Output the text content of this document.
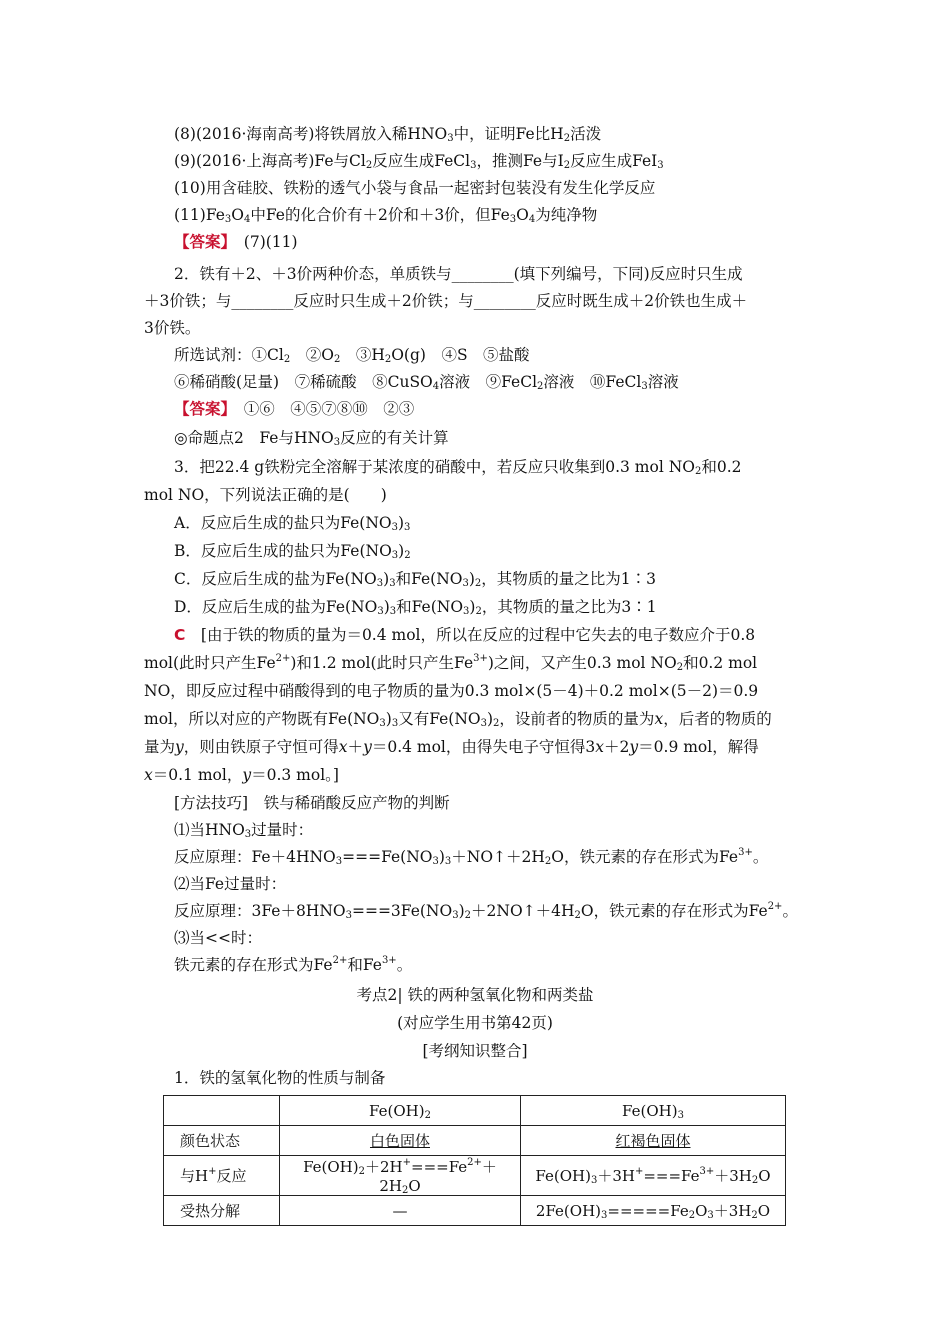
(8)(2016·海南高考)将铁屑放入稀$HNO_3$中，证明Fe比$H_2$活泼
(9)(2016·上海高考)Fe与$Cl_2$反应生成FeCl$_3$，推测Fe与$I_2$反应生成FeI$_3$
(10)用含硅胶、铁粉的透气小袋与食品一起密封包装没有发生化学反应
$(11)Fe_3O_4$中Fe的化合价有＋2价和＋3价，但$Fe_3O_4$为纯净物
【答案】　 (7)(11)
2．铁有＋2、＋3价两种价态，单质铁与________(填下列编号，下同)反应时只生成
＋3价铁；与________反应时只生成＋2价铁；与________反应时既生成＋2价铁也生成＋
3价铁。
所选试剂：$①Cl_2$　$②O_2$　$③H_2O(g)$　④S　⑤盐酸
⑥稀硝酸(足量)　⑦稀硫酸　⑧CuSO$_4$溶液　⑨FeCl$_2$溶液　⑩FeCl$_3$溶液
【答案】　 ①⑥　④⑤⑦⑧⑩　②③
◎命题点2　Fe与$HNO_3$反应的有关计算
3．把22.4 g铁粉完全溶解于某浓度的硝酸中，若反应只收集到0.3 mol $NO_2$和0.2
mol NO，下列说法正确的是(　　)
A．反应后生成的盐只为$Fe(NO_3)_3$
B．反应后生成的盐只为$Fe(NO_3)_2$
C．反应后生成的盐为$Fe(NO_3)_3$和$Fe(NO_3)_2$，其物质的量之比为1∶3
D．反应后生成的盐为$Fe(NO_3)_3$和$Fe(NO_3)_2$，其物质的量之比为3∶1
C　[由于铁的物质的量为＝0.4 mol，所以在反应的过程中它失去的电子数应介于0.8
mol(此时只产生$Fe^{2+}$)和1.2 mol(此时只产生$Fe^{3+}$)之间，又产生0.3 mol $NO_2$和0.2 mol
NO，即反应过程中硝酸得到的电子物质的量为0.3 mol×(5－4)＋0.2 mol×(5－2)＝0.9
mol，所以对应的产物既有$Fe(NO_3)_3$又有$Fe(NO_3)_2$，设前者的物质的量为x，后者的物质的
量为y，则由铁原子守恒可得x＋y＝0.4 mol，由得失电子守恒得3x＋2y＝0.9 mol，解得
x＝0.1 mol，y＝0.3 mol。]
[方法技巧]　铁与稀硝酸反应产物的判断
⑴当$HNO_3$过量时：
反应原理：$Fe+4HNO_3===Fe(NO_3)_3+NO↑+2H_2O$，铁元素的存在形式为$Fe^{3+}$。
⑵当Fe过量时：
反应原理：$3Fe+8HNO_3===3Fe(NO_3)_2+2NO↑+4H_2O$，铁元素的存在形式为$Fe^{2+}$。
⑶当<<时：
铁元素的存在形式为$Fe^{2+}$和$Fe^{3+}$。
考点2| 铁的两种氢氧化物和两类盐
(对应学生用书第42页)
[考纲知识整合]
1．铁的氢氧化物的性质与制备
	$Fe(OH)_2$	$Fe(OH)_3$
颜色状态	白色固体	红褐色固体
与H+反应	$Fe(OH)_2+2H^+===Fe^{2+}+2H_2O$	$Fe(OH)_3+3H^+===Fe^{3+}+3H_2O$
受热分解	—	$2Fe(OH)_3=====Fe_2O_3+3H_2O$
